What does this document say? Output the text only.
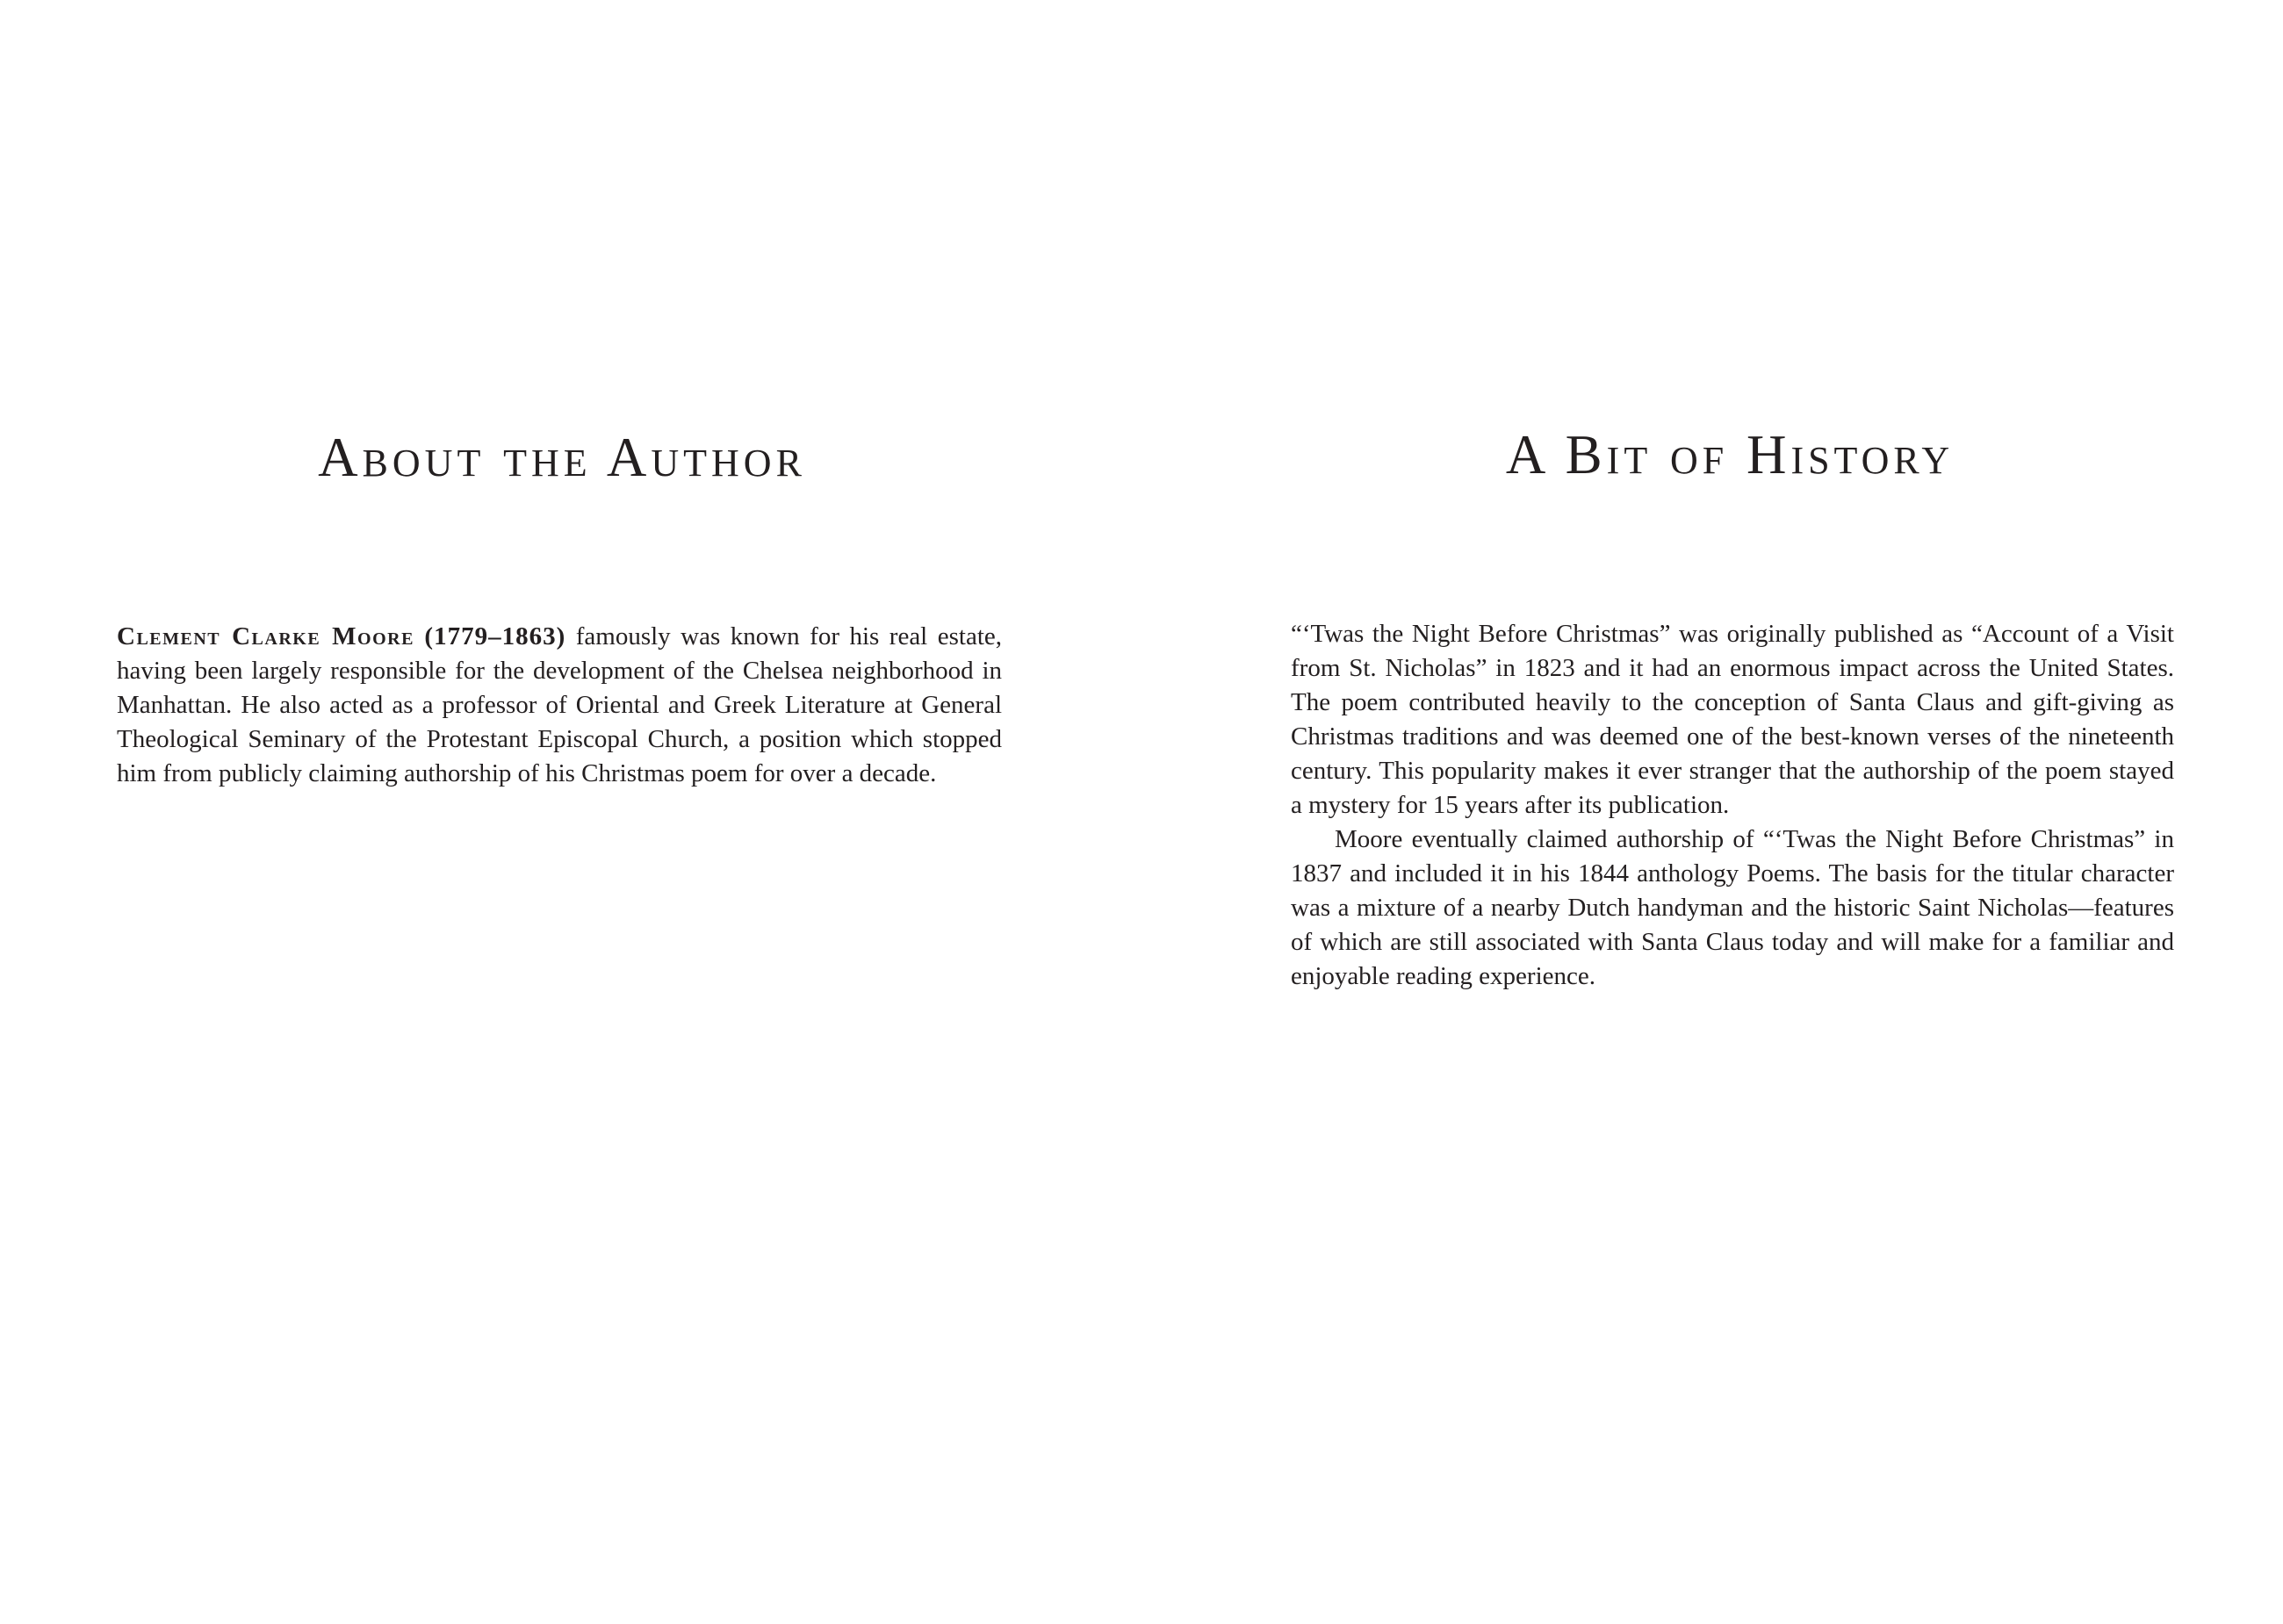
About the Author

Clement Clarke Moore (1779–1863) famously was known for his real estate, having been largely responsible for the development of the Chelsea neighborhood in Manhattan. He also acted as a professor of Oriental and Greek Literature at General Theological Seminary of the Protestant Episcopal Church, a position which stopped him from publicly claiming authorship of his Christmas poem for over a decade.

A Bit of History

“‘Twas the Night Before Christmas” was originally published as “Account of a Visit from St. Nicholas” in 1823 and it had an enormous impact across the United States. The poem contributed heavily to the conception of Santa Claus and gift-giving as Christmas traditions and was deemed one of the best-known verses of the nineteenth century. This popularity makes it ever stranger that the authorship of the poem stayed a mystery for 15 years after its publication.

Moore eventually claimed authorship of “‘Twas the Night Before Christmas” in 1837 and included it in his 1844 anthology Poems. The basis for the titular character was a mixture of a nearby Dutch handyman and the historic Saint Nicholas—features of which are still associated with Santa Claus today and will make for a familiar and enjoyable reading experience.
